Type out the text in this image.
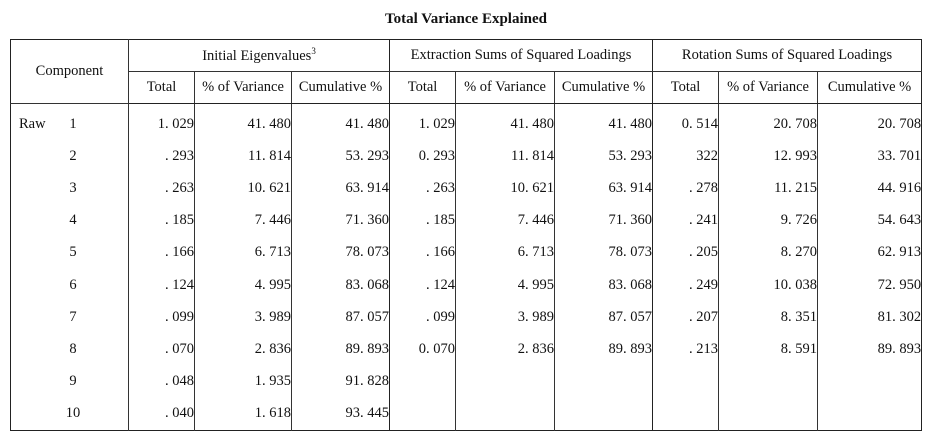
Total Variance Explained
Component	Initial Eigenvalues$^3$			Extraction Sums of Squared Loadings			Rotation Sums of Squared Loadings		
	Total	% of Variance	Cumulative %	Total	% of Variance	Cumulative %	Total	% of Variance	Cumulative %
Raw 1	1. 029	41. 480	41. 480	1. 029	41. 480	41. 480	0. 514	20. 708	20. 708
2	. 293	11. 814	53. 293	0. 293	11. 814	53. 293	322	12. 993	33. 701
3	. 263	10. 621	63. 914	. 263	10. 621	63. 914	. 278	11. 215	44. 916
4	. 185	7. 446	71. 360	. 185	7. 446	71. 360	. 241	9. 726	54. 643
5	. 166	6. 713	78. 073	. 166	6. 713	78. 073	. 205	8. 270	62. 913
6	. 124	4. 995	83. 068	. 124	4. 995	83. 068	. 249	10. 038	72. 950
7	. 099	3. 989	87. 057	. 099	3. 989	87. 057	. 207	8. 351	81. 302
8	. 070	2. 836	89. 893	0. 070	2. 836	89. 893	. 213	8. 591	89. 893
9	. 048	1. 935	91. 828						
10	. 040	1. 618	93. 445						
